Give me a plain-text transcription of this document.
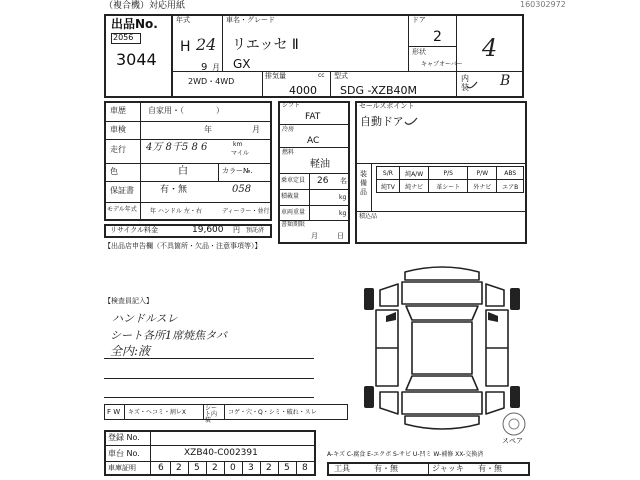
（複合機）対応用紙	160302972
出品No.
2056
3044
年式
H 24
9 月
車名・グレード
リエッセ Ⅱ
GX
ドア
2
形状
キャブオーバー
4
内装 B
2WD・4WD
排気量	cc
4000
型式
SDG -XZB40M
車歴	自家用・（　　　　）
車検	年	月
走行 4万 8千5 8 6	km
マイル
色	白	カラー№.
保証書	有・無	058
モデル年式 年 ハンドル 左・右	ディーラー・並行
リサイクル料金	19,600 円 預託済
【出品店申告欄（不具箇所・欠品・注意事項等）】
シフト
FAT
冷房
AC
燃料
軽油
乗車定員 26 名
積載量	kg
車両重量	kg
書類期限
月	日
セールスポイント
自動ドア
装備品
S/R	純A/W	P/S	P/W	ABS
純TV	純ナビ	革シート	外ナビ	エアB
積込品
【検査員記入】
ハンドルスレ
シート各所1席焼焦タバ
全内:液
F W キズ・ヘコミ・割レX
シート内装
コゲ・穴・Q・シミ・破れ・スレ
登録 No.
車台 No.	XZB40-C002391
車庫証明 6 2 5 2 0 3 2 5 8
A-キズ C-腐食 E-エクボ S-サビ U-凹ミ W-補修 XX-交換済
工具	有・無	ジャッキ 有・無
スペア
